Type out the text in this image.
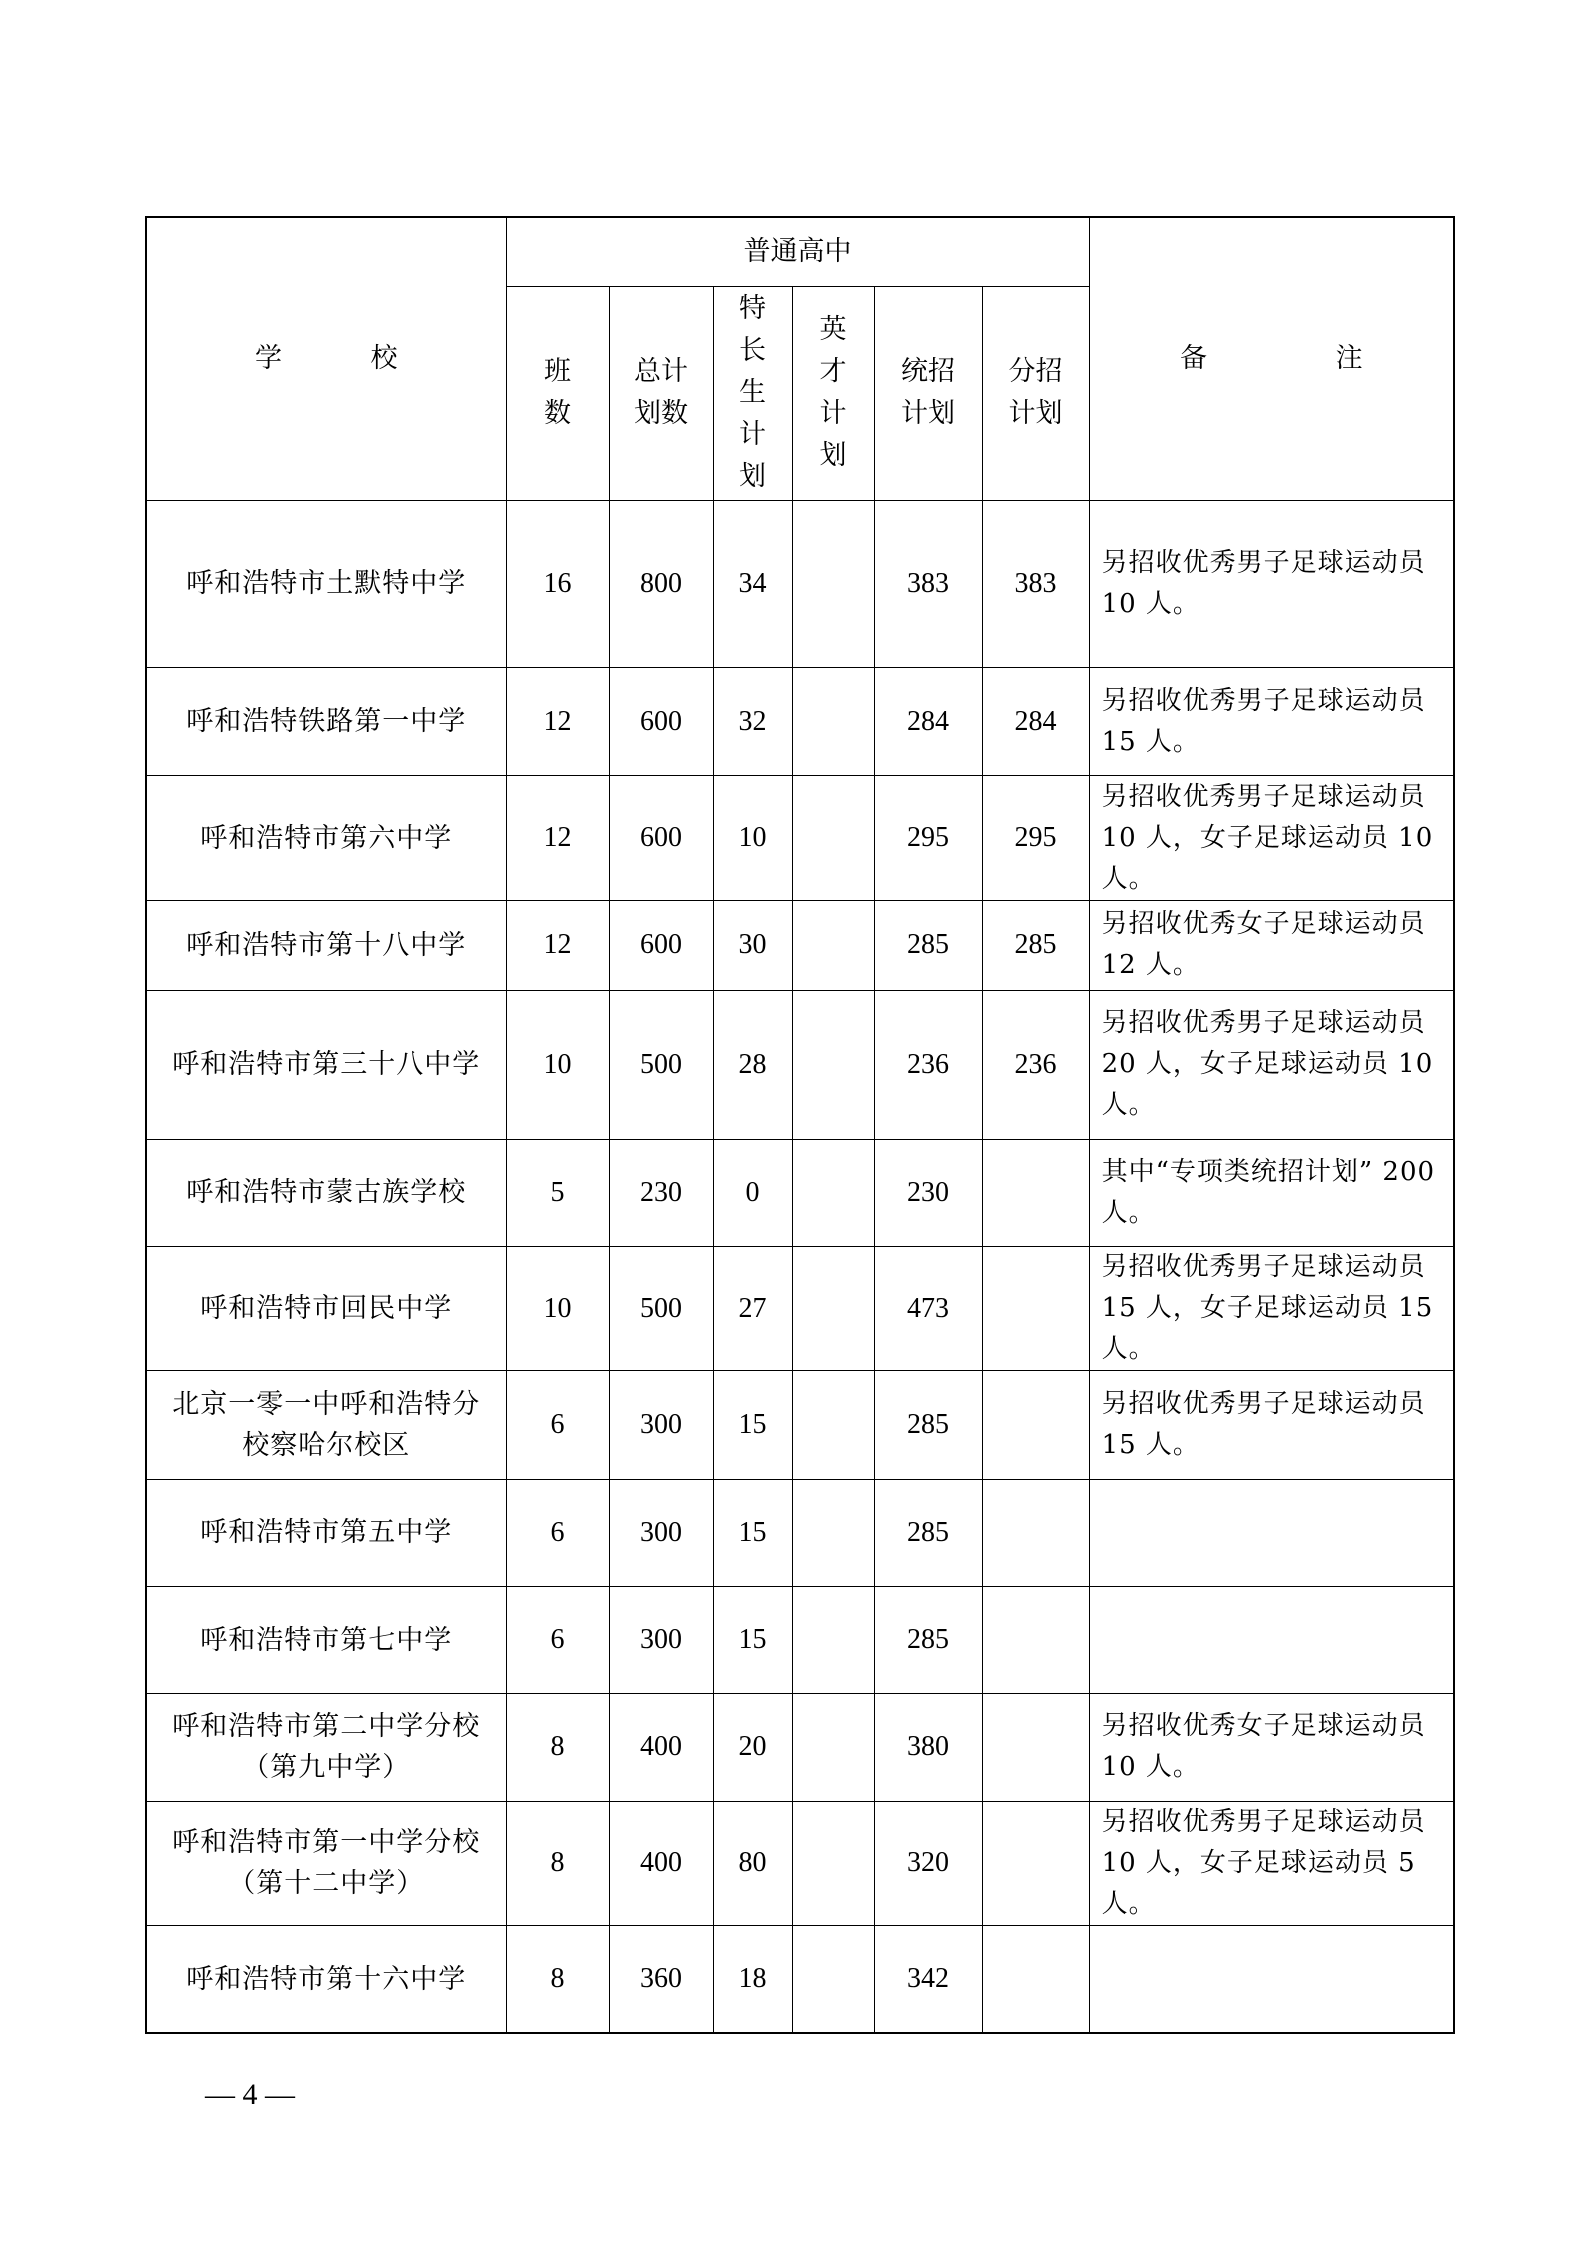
学 校	普通高中						备 注
	班数	总计划数	特长生计划	英才计划	统招计划	分招计划	
呼和浩特市土默特中学	16	800	34		383	383	另招收优秀男子足球运动员 10 人。
呼和浩特铁路第一中学	12	600	32		284	284	另招收优秀男子足球运动员 15 人。
呼和浩特市第六中学	12	600	10		295	295	另招收优秀男子足球运动员 10 人，女子足球运动员 10 人。
呼和浩特市第十八中学	12	600	30		285	285	另招收优秀女子足球运动员 12 人。
呼和浩特市第三十八中学	10	500	28		236	236	另招收优秀男子足球运动员 20 人，女子足球运动员 10 人。
呼和浩特市蒙古族学校	5	230	0		230		其中“专项类统招计划” 200 人。
呼和浩特市回民中学	10	500	27		473		另招收优秀男子足球运动员 15 人，女子足球运动员 15 人。
北京一零一中呼和浩特分校察哈尔校区	6	300	15		285		另招收优秀男子足球运动员 15 人。
呼和浩特市第五中学	6	300	15		285		
呼和浩特市第七中学	6	300	15		285		
呼和浩特市第二中学分校（第九中学）	8	400	20		380		另招收优秀女子足球运动员 10 人。
呼和浩特市第一中学分校（第十二中学）	8	400	80		320		另招收优秀男子足球运动员 10 人，女子足球运动员 5 人。
呼和浩特市第十六中学	8	360	18		342		
— 4 —
